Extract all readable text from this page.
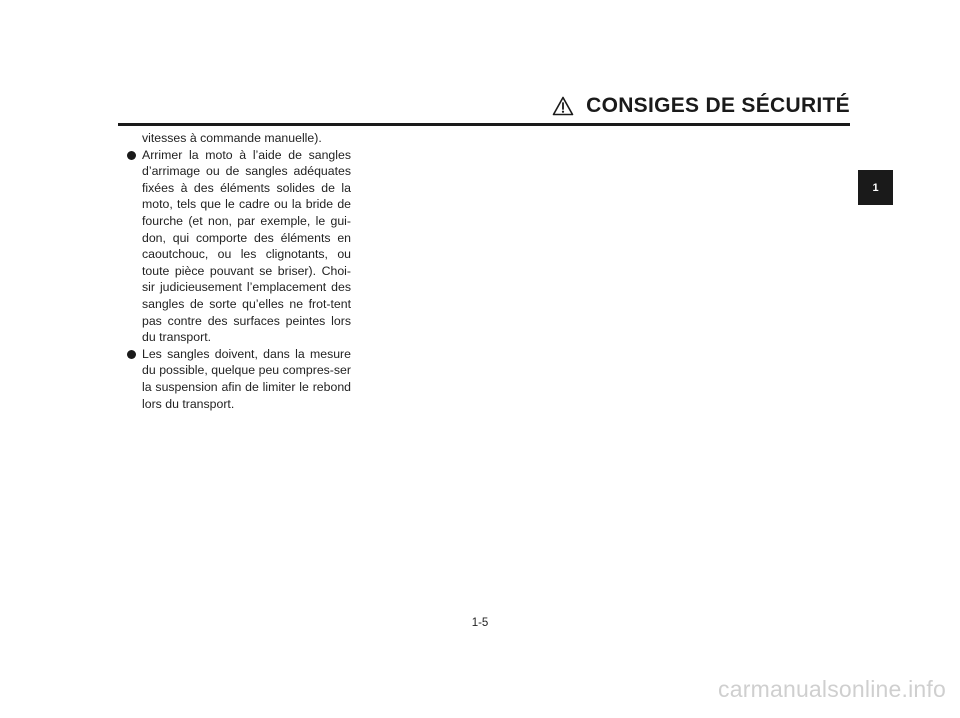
CONSIGES DE SÉCURITÉ

vitesses à commande manuelle).

Arrimer la moto à l’aide de sangles d’arrimage ou de sangles adéquates fixées à des éléments solides de la moto, tels que le cadre ou la bride de fourche (et non, par exemple, le gui-don, qui comporte des éléments en caoutchouc, ou les clignotants, ou toute pièce pouvant se briser). Choi-sir judicieusement l’emplacement des sangles de sorte qu’elles ne frot-tent pas contre des surfaces peintes lors du transport.

Les sangles doivent, dans la mesure du possible, quelque peu compres-ser la suspension afin de limiter le rebond lors du transport.

1
1-5
carmanualsonline.info
